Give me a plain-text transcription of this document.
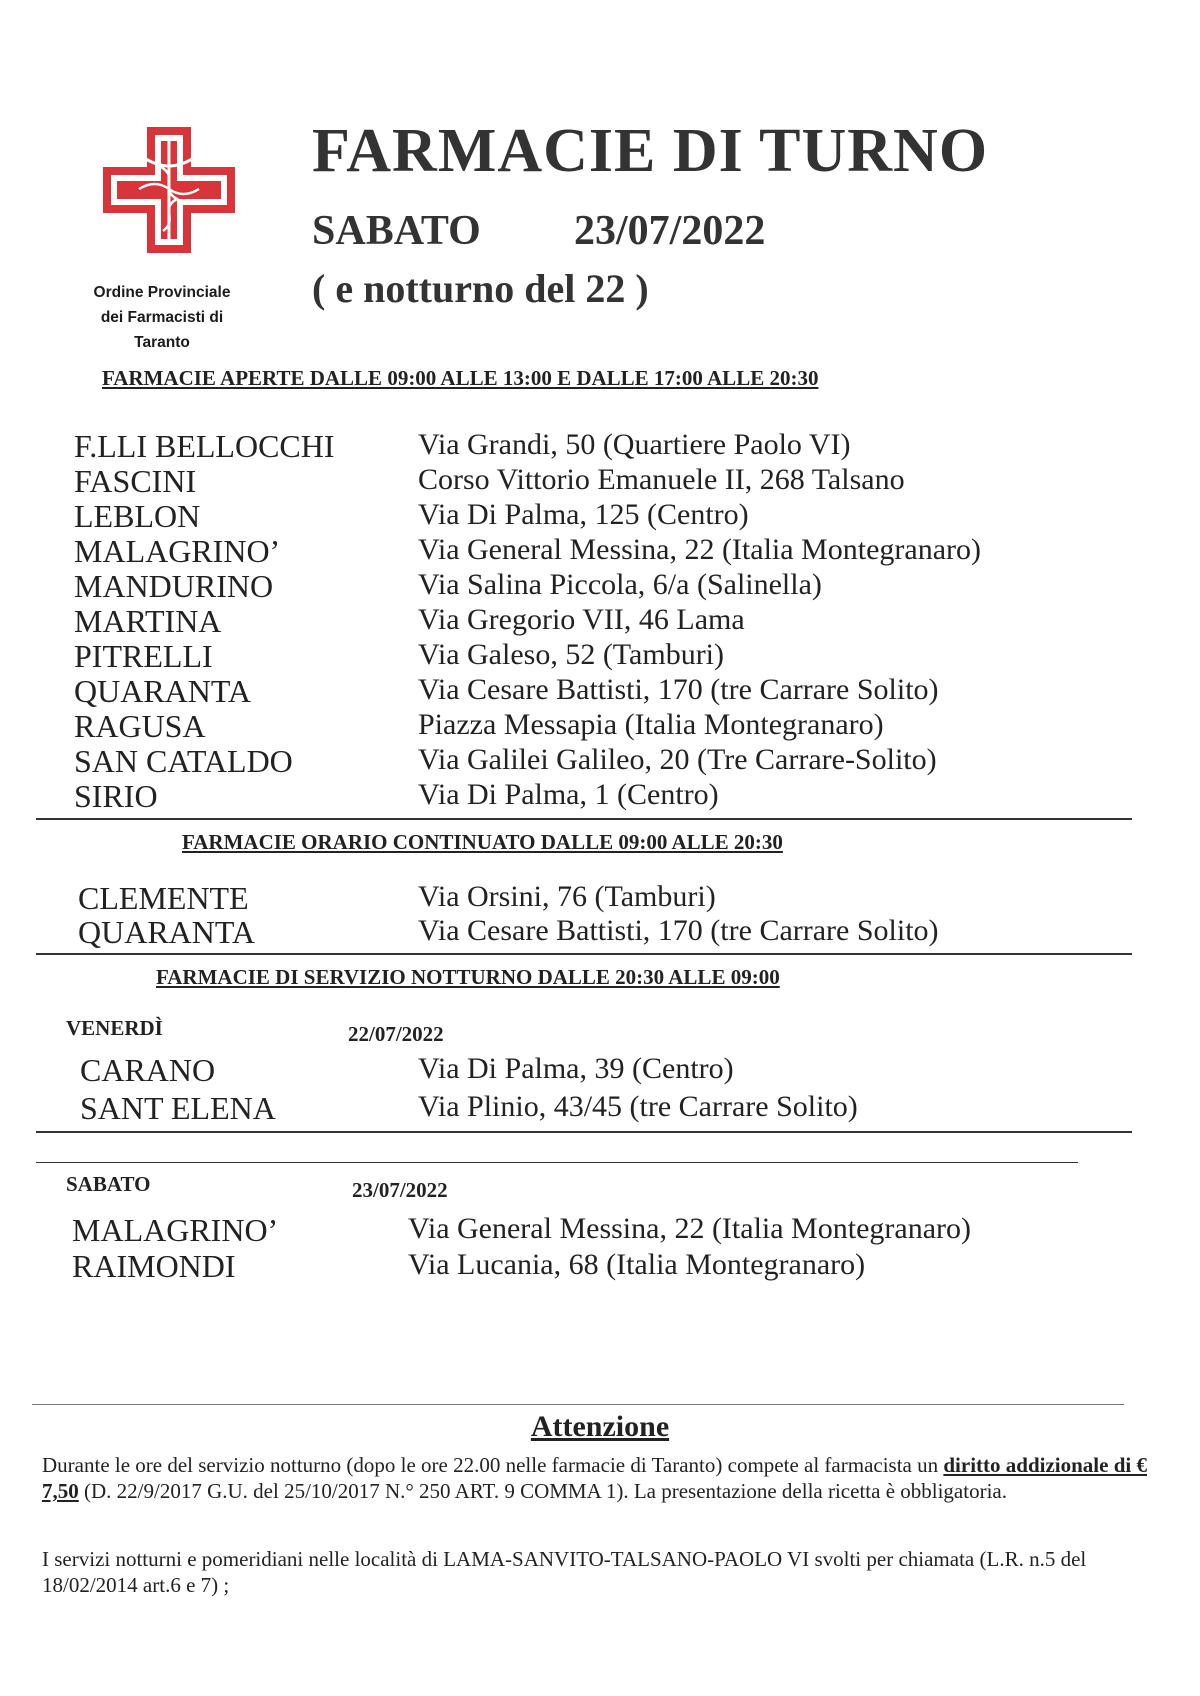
Ordine Provinciale
dei Farmacisti di
Taranto
FARMACIE DI TURNO
SABATO 23/07/2022
( e notturno del 22 )
FARMACIE APERTE DALLE 09:00 ALLE 13:00 E DALLE 17:00 ALLE 20:30
F.LLI BELLOCCHI	Via Grandi, 50 (Quartiere Paolo VI)
FASCINI	Corso Vittorio Emanuele II, 268 Talsano
LEBLON	Via Di Palma, 125 (Centro)
MALAGRINO’	Via General Messina, 22 (Italia Montegranaro)
MANDURINO	Via Salina Piccola, 6/a (Salinella)
MARTINA	Via Gregorio VII, 46 Lama
PITRELLI	Via Galeso, 52 (Tamburi)
QUARANTA	Via Cesare Battisti, 170 (tre Carrare Solito)
RAGUSA	Piazza Messapia (Italia Montegranaro)
SAN CATALDO	Via Galilei Galileo, 20 (Tre Carrare-Solito)
SIRIO	Via Di Palma, 1 (Centro)
FARMACIE ORARIO CONTINUATO DALLE 09:00 ALLE 20:30
CLEMENTE	Via Orsini, 76 (Tamburi)
QUARANTA	Via Cesare Battisti, 170 (tre Carrare Solito)
FARMACIE DI SERVIZIO NOTTURNO DALLE 20:30 ALLE 09:00
VENERDÌ	22/07/2022
CARANO	Via Di Palma, 39 (Centro)
SANT ELENA	Via Plinio, 43/45 (tre Carrare Solito)
SABATO	23/07/2022
MALAGRINO’	Via General Messina, 22 (Italia Montegranaro)
RAIMONDI	Via Lucania, 68 (Italia Montegranaro)
Attenzione
Durante le ore del servizio notturno (dopo le ore 22.00 nelle farmacie di Taranto) compete al farmacista un diritto addizionale di € 7,50 (D. 22/9/2017 G.U. del 25/10/2017 N.° 250 ART. 9 COMMA 1). La presentazione della ricetta è obbligatoria.
I servizi notturni e pomeridiani nelle località di LAMA-SANVITO-TALSANO-PAOLO VI svolti per chiamata (L.R. n.5 del 18/02/2014 art.6 e 7) ;
